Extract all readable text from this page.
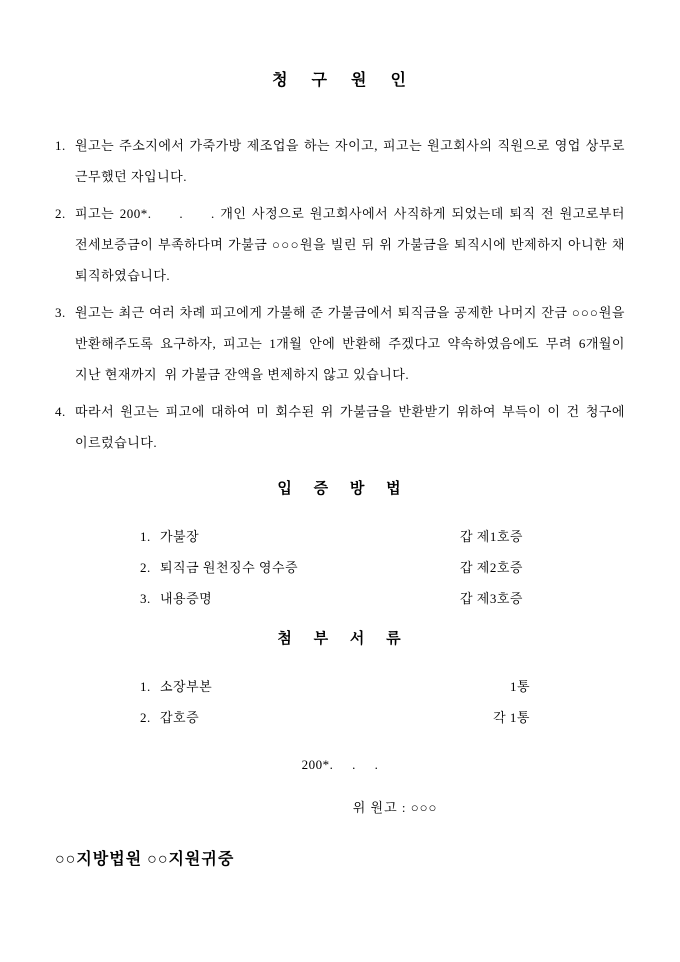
청 구 원 인
1. 원고는 주소지에서 가죽가방 제조업을 하는 자이고, 피고는 원고회사의 직원으로 영업 상무로 근무했던 자입니다.
2. 피고는 200*.     .     . 개인 사정으로 원고회사에서 사직하게 되었는데 퇴직 전 원고로부터 전세보증금이 부족하다며 가불금 ○○○원을 빌린 뒤 위 가불금을 퇴직시에 반제하지 아니한 채 퇴직하였습니다.
3. 원고는 최근 여러 차례 피고에게 가불해 준 가불금에서 퇴직금을 공제한 나머지 잔금 ○○○원을 반환해주도록 요구하자, 피고는 1개월 안에 반환해 주겠다고 약속하였음에도 무려 6개월이 지난 현재까지  위 가불금 잔액을 변제하지 않고 있습니다.
4. 따라서 원고는 피고에 대하여 미 회수된 위 가불금을 반환받기 위하여 부득이 이 건 청구에 이르렀습니다.
입 증 방 법
1. 가불장	갑 제1호증
2. 퇴직금 원천징수 영수증	갑 제2호증
3. 내용증명	갑 제3호증
첨 부 서 류
1. 소장부본	1통
2. 갑호증	각 1통
200*.     .     .
위 원고 : ○○○
○○지방법원 ○○지원귀중
